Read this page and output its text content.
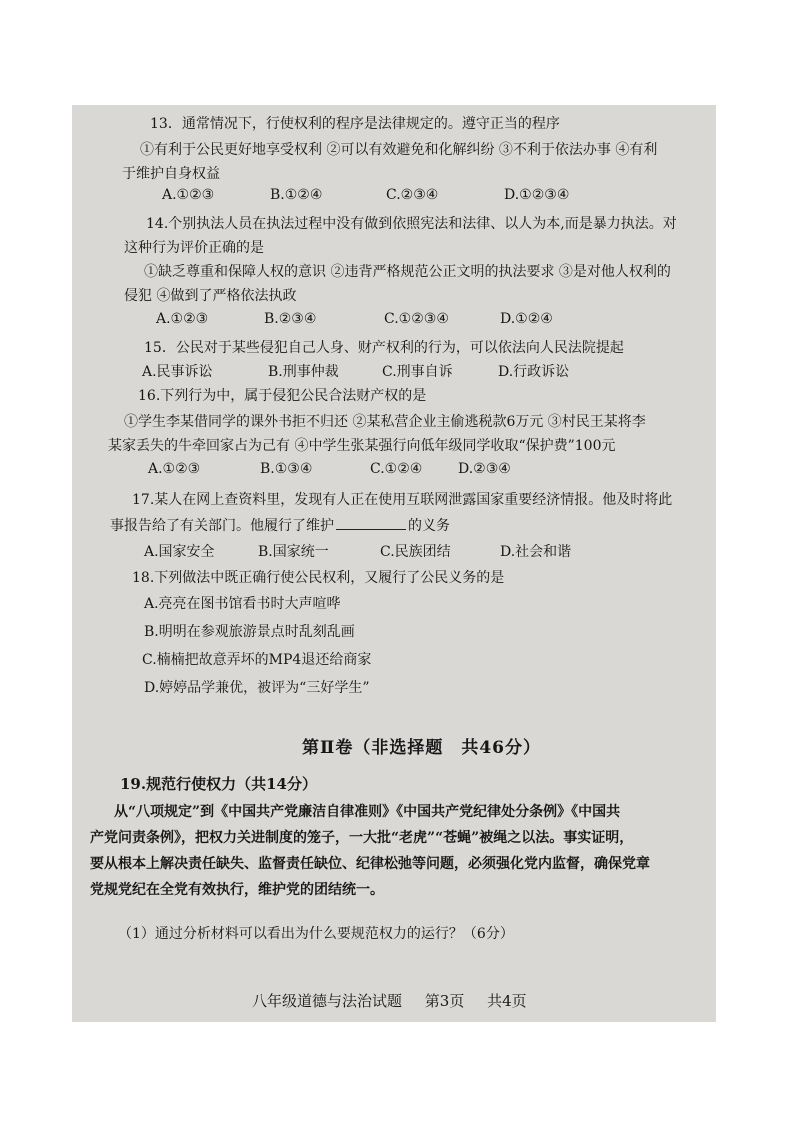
13．通常情况下，行使权利的程序是法律规定的。遵守正当的程序
①有利于公民更好地享受权利 ②可以有效避免和化解纠纷 ③不利于依法办事 ④有利
于维护自身权益
A.①②③	B.①②④	C.②③④	D.①②③④
14.个别执法人员在执法过程中没有做到依照宪法和法律、以人为本,而是暴力执法。对
这种行为评价正确的是
①缺乏尊重和保障人权的意识 ②违背严格规范公正文明的执法要求 ③是对他人权利的
侵犯 ④做到了严格依法执政
A.①②③	B.②③④	C.①②③④	D.①②④
15．公民对于某些侵犯自己人身、财产权利的行为，可以依法向人民法院提起
A.民事诉讼	B.刑事仲裁	C.刑事自诉	D.行政诉讼
16.下列行为中，属于侵犯公民合法财产权的是
①学生李某借同学的课外书拒不归还 ②某私营企业主偷逃税款6万元 ③村民王某将李
某家丢失的牛牵回家占为己有 ④中学生张某强行向低年级同学收取“保护费”100元
A.①②③	B.①③④	C.①②④	D.②③④
17.某人在网上查资料里，发现有人正在使用互联网泄露国家重要经济情报。他及时将此
事报告给了有关部门。他履行了维护	的义务
A.国家安全	B.国家统一	C.民族团结	D.社会和谐
18.下列做法中既正确行使公民权利，又履行了公民义务的是
A.亮亮在图书馆看书时大声喧哗
B.明明在参观旅游景点时乱刻乱画
C.楠楠把故意弄坏的MP4退还给商家
D.婷婷品学兼优，被评为“三好学生”
第Ⅱ卷（非选择题　共46分）
19.规范行使权力（共14分）
从“八项规定”到《中国共产党廉洁自律准则》《中国共产党纪律处分条例》《中国共
产党问责条例》，把权力关进制度的笼子，一大批“老虎”“苍蝇”被绳之以法。事实证明，
要从根本上解决责任缺失、监督责任缺位、纪律松弛等问题，必须强化党内监督，确保党章
党规党纪在全党有效执行，维护党的团结统一。
（1）通过分析材料可以看出为什么要规范权力的运行？（6分）
八年级道德与法治试题 第3页 共4页
